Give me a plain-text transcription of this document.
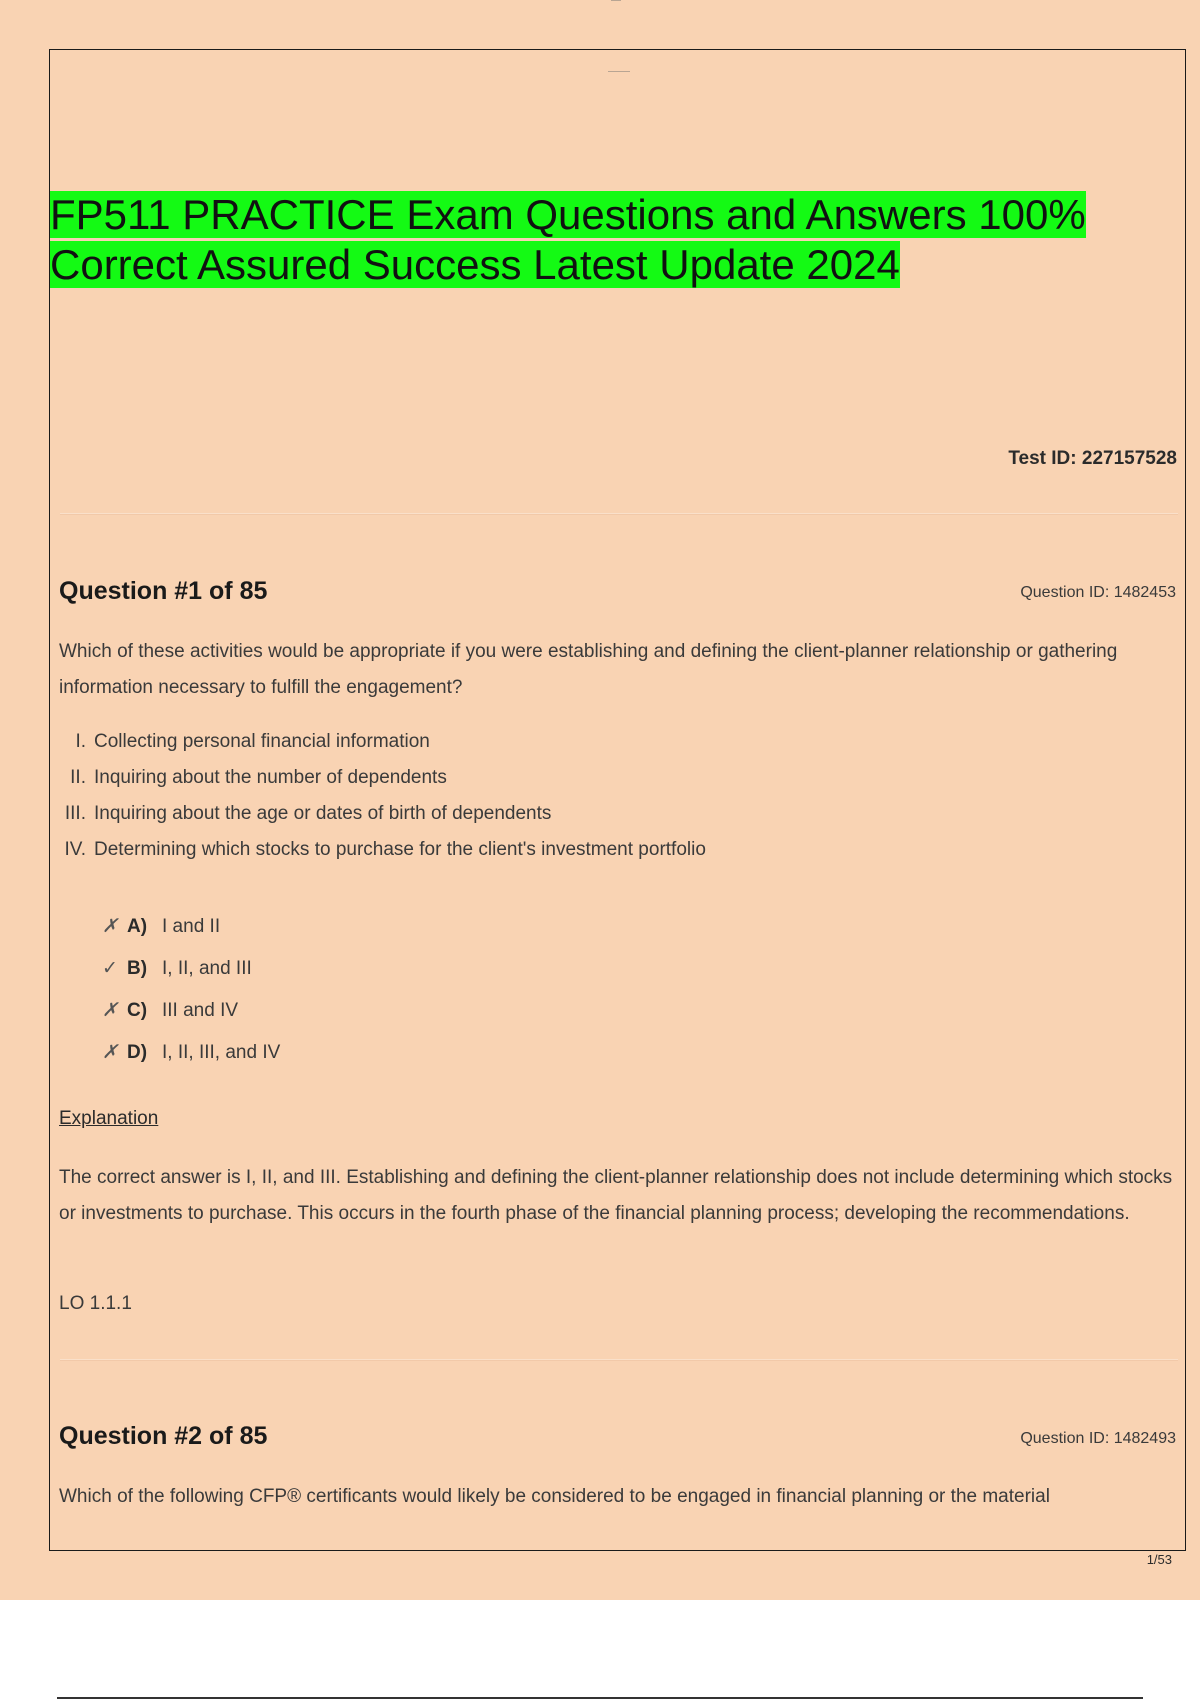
FP511 PRACTICE Exam Questions and Answers 100% Correct Assured Success Latest Update 2024
Test ID: 227157528
Question #1 of 85	Question ID: 1482453

Which of these activities would be appropriate if you were establishing and defining the client-planner relationship or gathering information necessary to fulfill the engagement?

I. Collecting personal financial information
II. Inquiring about the number of dependents
III. Inquiring about the age or dates of birth of dependents
IV. Determining which stocks to purchase for the client's investment portfolio
✗ A) I and II
✓ B) I, II, and III
✗ C) III and IV
✗ D) I, II, III, and IV
Explanation

The correct answer is I, II, and III. Establishing and defining the client-planner relationship does not include determining which stocks or investments to purchase. This occurs in the fourth phase of the financial planning process; developing the recommendations.

LO 1.1.1
Question #2 of 85	Question ID: 1482493

Which of the following CFP® certificants would likely be considered to be engaged in financial planning or the material

1/53
